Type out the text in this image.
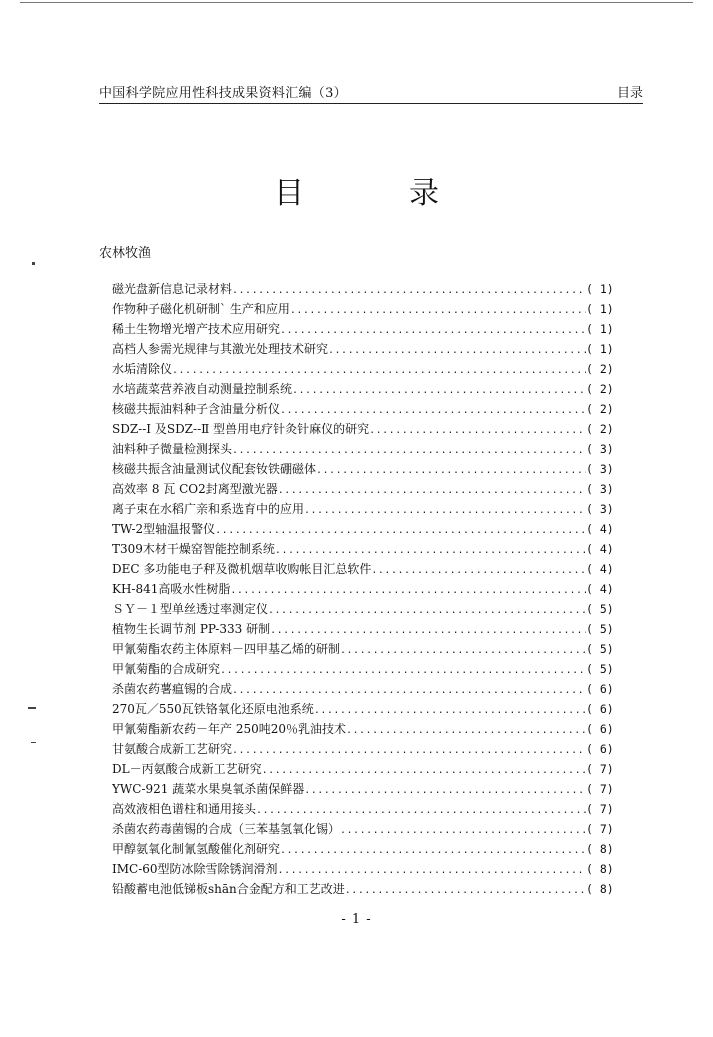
中国科学院应用性科技成果资料汇编（3）	目录
目录
农林牧渔
磁光盘新信息记录材料 .....	( 1)
作物种子磁化机研制` 生产和应用 .....	( 1)
稀土生物增光增产技术应用研究 .....	( 1)
高档人参需光规律与其激光处理技术研究 .....	( 1)
水垢清除仪 .....	( 2)
水培蔬菜营养液自动测量控制系统 .....	( 2)
核磁共振油料种子含油量分析仪 .....	( 2)
SDZ--Ⅰ 及SDZ--Ⅱ 型兽用电疗针灸针麻仪的研究 .....	( 2)
油料种子微量检测探头 .....	( 3)
核磁共振含油量测试仪配套钕铁硼磁体 .....	( 3)
高效率 8 瓦 CO2封离型激光器 .....	( 3)
离子束在水稻广亲和系选育中的应用 .....	( 3)
TW-2型轴温报警仪 .....	( 4)
T309木材干燥窑智能控制系统 .....	( 4)
DEC 多功能电子秤及微机烟草收购帐目汇总软件 .....	( 4)
KH-841高吸水性树脂 .....	( 4)
ＳＹ－１型单丝透过率测定仪 .....	( 5)
植物生长调节剂 PP-333 研制 .....	( 5)
甲氰菊酯农药主体原料－四甲基乙烯的研制 .....	( 5)
甲氰菊酯的合成研究 .....	( 5)
杀菌农药薯瘟锡的合成 .....	( 6)
270瓦／550瓦铁铬氧化还原电池系统 .....	( 6)
甲氰菊酯新农药－年产 250吨20％乳油技术 .....	( 6)
甘氨酸合成新工艺研究 .....	( 6)
DL－丙氨酸合成新工艺研究 .....	( 7)
YWC-921 蔬菜水果臭氧杀菌保鲜器 .....	( 7)
高效液相色谱柱和通用接头 .....	( 7)
杀菌农药毒菌锡的合成（三苯基氢氧化锡） .....	( 7)
甲醇氨氧化制氰氢酸催化剂研究 .....	( 8)
IMC-60型防冰除雪除锈润滑剂 .....	( 8)
铅酸蓄电池低锑板shān合金配方和工艺改进 .....	( 8)
- 1 -
